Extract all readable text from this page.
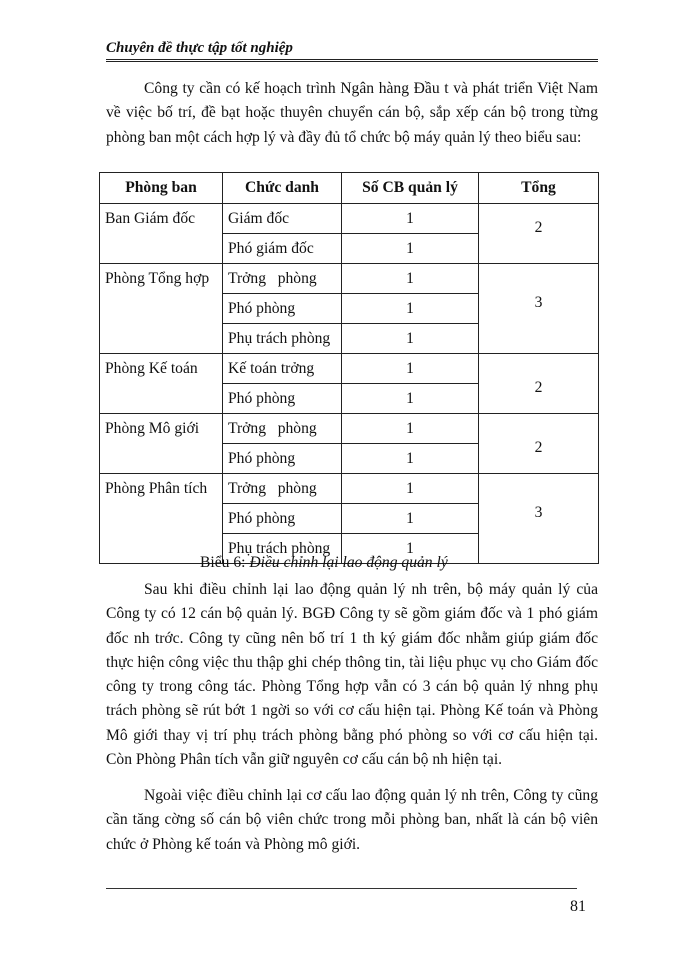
Chuyên đề thực tập tốt nghiệp

Công ty cần có kế hoạch trình Ngân hàng Đầu t và phát triển Việt Nam về việc bố trí, đề bạt hoặc thuyên chuyển cán bộ, sắp xếp cán bộ trong từng phòng ban một cách hợp lý và đầy đủ tổ chức bộ máy quản lý theo biểu sau:

Phòng ban	Chức danh	Số CB quản lý	Tổng
Ban Giám đốc	Giám đốc	1	2
	Phó giám đốc	1	
Phòng Tổng hợp	Trởng   phòng	1	3
	Phó phòng	1	
	Phụ trách phòng	1	
Phòng Kế toán	Kế toán trởng	1	2
	Phó phòng	1	
Phòng Mô giới	Trởng   phòng	1	2
	Phó phòng	1	
Phòng Phân tích	Trởng   phòng	1	3
	Phó phòng	1	
	Phụ trách phòng	1	
Biểu 6: Điều chỉnh lại lao động quản lý

Sau khi điều chỉnh lại lao động quản lý nh trên, bộ máy quản lý của Công ty có 12 cán bộ quản lý. BGĐ Công ty sẽ gồm giám đốc và 1 phó giám đốc nh trớc. Công ty cũng nên bố trí 1 th ký giám đốc nhằm giúp giám đốc thực hiện công việc thu thập ghi chép thông tin, tài liệu phục vụ cho Giám đốc công ty trong công tác. Phòng Tổng hợp vẫn có 3 cán bộ quản lý nhng phụ trách phòng sẽ rút bớt 1 ngời so với cơ cấu hiện tại. Phòng Kế toán và Phòng Mô giới thay vị trí phụ trách phòng bằng phó phòng so với cơ cấu hiện tại. Còn Phòng Phân tích vẫn giữ nguyên cơ cấu cán bộ nh hiện tại.

Ngoài việc điều chỉnh lại cơ cấu lao động quản lý nh trên, Công ty cũng cần tăng cờng số cán bộ viên chức trong mỗi phòng ban, nhất là cán bộ viên chức ở Phòng kế toán và Phòng mô giới.

81
